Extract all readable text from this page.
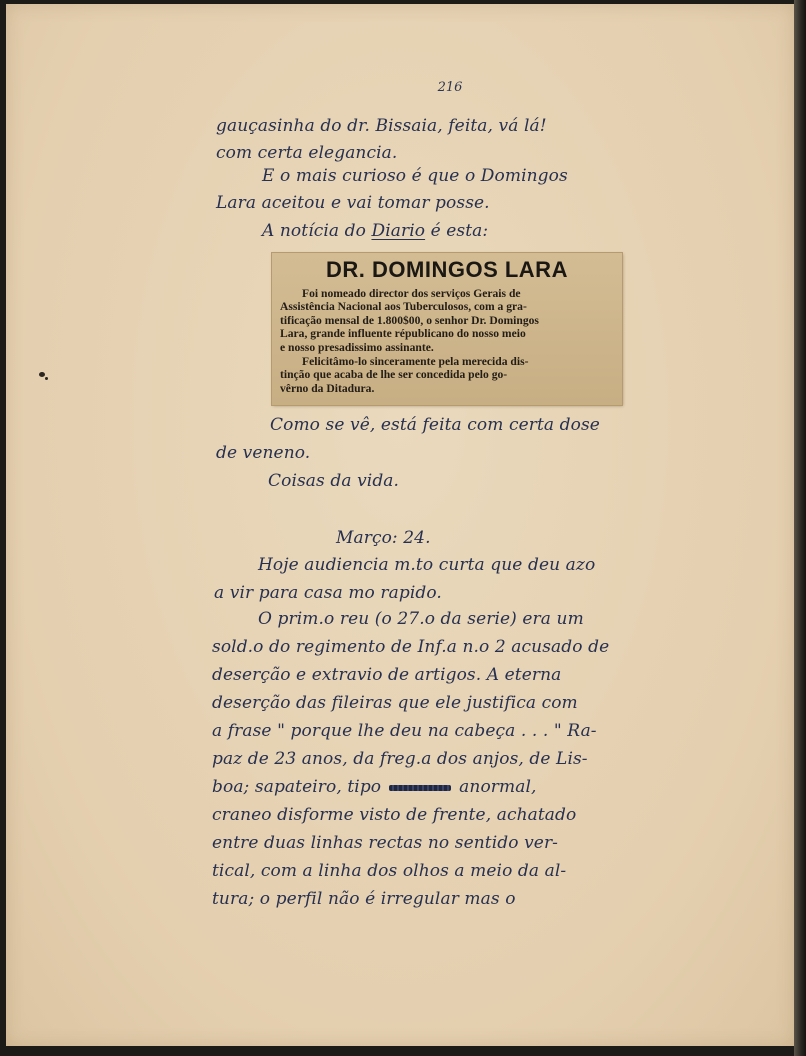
216

gauçasinha do dr. Bissaia, feita, vá lá!

com certa elegancia.

E o mais curioso é que o Domingos

Lara aceitou e vai tomar posse.

A notícia do Diario é esta:

DR. DOMINGOS LARA

Foi nomeado director dos serviços Gerais de

Assistência Nacional aos Tuberculosos, com a gra-

tificação mensal de 1.800$00, o senhor Dr. Domingos

Lara, grande influente républicano do nosso meio

e nosso presadissimo assinante.

Felicitâmo-lo sinceramente pela merecida dis-

tinção que acaba de lhe ser concedida pelo go-

vêrno da Ditadura.

Como se vê, está feita com certa dose

de veneno.

Coisas da vida.

Março: 24.

Hoje audiencia m.to curta que deu azo

a vir para casa mo rapido.

O prim.o reu (o 27.o da serie) era um

sold.o do regimento de Inf.a n.o 2 acusado de

deserção e extravio de artigos. A eterna

deserção das fileiras que ele justifica com

a frase " porque lhe deu na cabeça . . . " Ra-

paz de 23 anos, da freg.a dos anjos, de Lis-

boa; sapateiro, tipo	anormal,

craneo disforme visto de frente, achatado

entre duas linhas rectas no sentido ver-

tical, com a linha dos olhos a meio da al-

tura; o perfil não é irregular mas o
